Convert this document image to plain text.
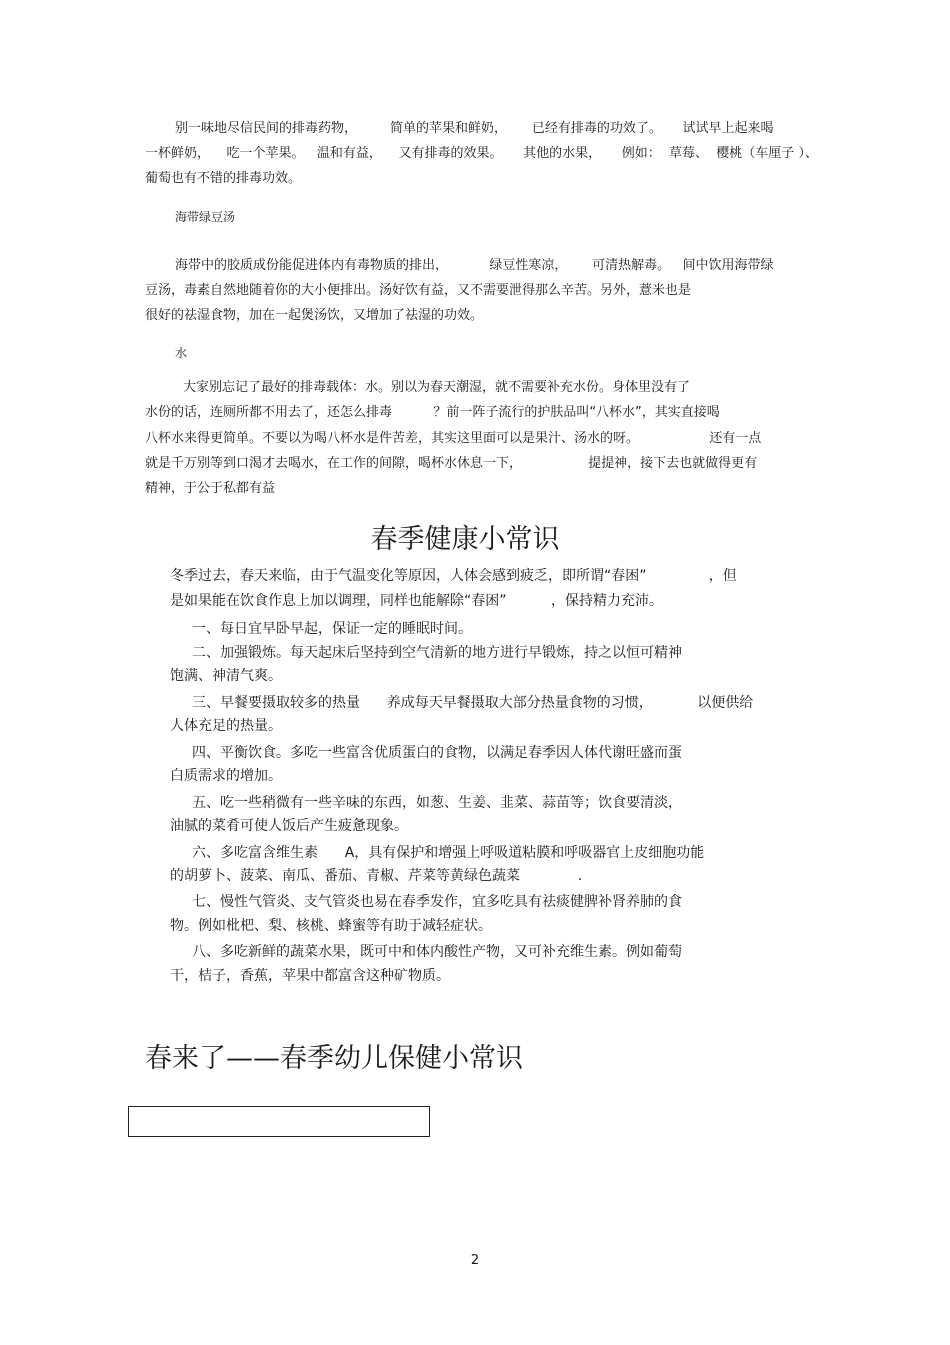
别一味地尽信民间的排毒药物，        简单的苹果和鲜奶，      已经有排毒的功效了。     试试早上起来喝
一杯鲜奶，    吃一个苹果。   温和有益，    又有排毒的效果。     其他的水果，     例如：  草莓、  樱桃（车厘子 ）、
葡萄也有不错的排毒功效。
海带绿豆汤
海带中的胶质成份能促进体内有毒物质的排出，          绿豆性寒凉，      可清热解毒。   间中饮用海带绿
豆汤，毒素自然地随着你的大小便排出。汤好饮有益，又不需要泄得那么辛苦。另外，薏米也是
很好的祛湿食物，加在一起煲汤饮，又增加了祛湿的功效。
水
大家别忘记了最好的排毒载体：水。别以为春天潮湿，就不需要补充水份。身体里没有了
水份的话，连厕所都不用去了，还怎么排毒          ？前一阵子流行的护肤品叫“八杯水”，其实直接喝
八杯水来得更简单。不要以为喝八杯水是件苦差，其实这里面可以是果汁、汤水的呀。                 还有一点
就是千万别等到口渴才去喝水，在工作的间隙，喝杯水休息一下，                提提神，接下去也就做得更有
精神，于公于私都有益
春季健康小常识
冬季过去，春天来临，由于气温变化等原因，人体会感到疲乏，即所谓“春困”              ，但
是如果能在饮食作息上加以调理，同样也能解除“春困”          ，保持精力充沛。
一、每日宜早卧早起，保证一定的睡眠时间。
二、加强锻炼。每天起床后坚持到空气清新的地方进行早锻炼，持之以恒可精神
饱满、神清气爽。
三、早餐要摄取较多的热量      养成每天早餐摄取大部分热量食物的习惯，          以便供给
人体充足的热量。
四、平衡饮食。多吃一些富含优质蛋白的食物，以满足春季因人体代谢旺盛而蛋
白质需求的增加。
五、吃一些稍微有一些辛味的东西，如葱、生姜、韭菜、蒜苗等；饮食要清淡，
油腻的菜肴可使人饭后产生疲惫现象。
六、多吃富含维生素      A，具有保护和增强上呼吸道粘膜和呼吸器官上皮细胞功能
的胡萝卜、菠菜、南瓜、番茄、青椒、芹菜等黄绿色蔬菜             .
七、慢性气管炎、支气管炎也易在春季发作，宜多吃具有祛痰健脾补肾养肺的食
物。例如枇杷、梨、核桃、蜂蜜等有助于减轻症状。
八、多吃新鲜的蔬菜水果，既可中和体内酸性产物，又可补充维生素。例如葡萄
干，桔子，香蕉，苹果中都富含这种矿物质。
春来了——春季幼儿保健小常识
2
